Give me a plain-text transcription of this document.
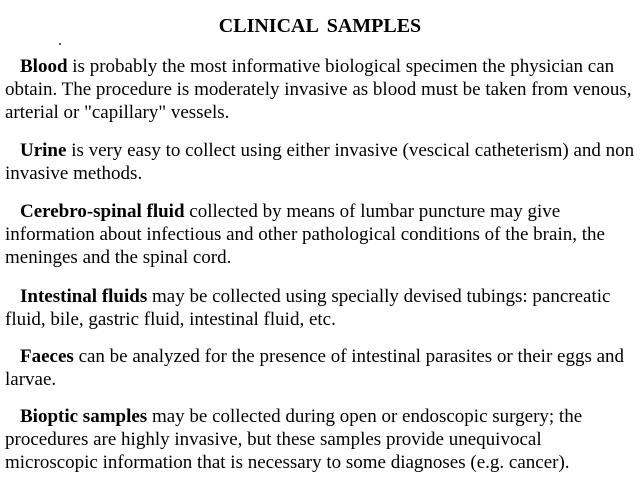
CLINICAL SAMPLES

Blood is probably the most informative biological specimen the physician can obtain. The procedure is moderately invasive as blood must be taken from venous, arterial or "capillary" vessels.

Urine is very easy to collect using either invasive (vescical catheterism) and non invasive methods.

Cerebro-spinal fluid collected by means of lumbar puncture may give information about infectious and other pathological conditions of the brain, the meninges and the spinal cord.

Intestinal fluids may be collected using specially devised tubings: pancreatic fluid, bile, gastric fluid, intestinal fluid, etc.

Faeces can be analyzed for the presence of intestinal parasites or their eggs and larvae.

Bioptic samples may be collected during open or endoscopic surgery; the procedures are highly invasive, but these samples provide unequivocal microscopic information that is necessary to some diagnoses (e.g. cancer).
